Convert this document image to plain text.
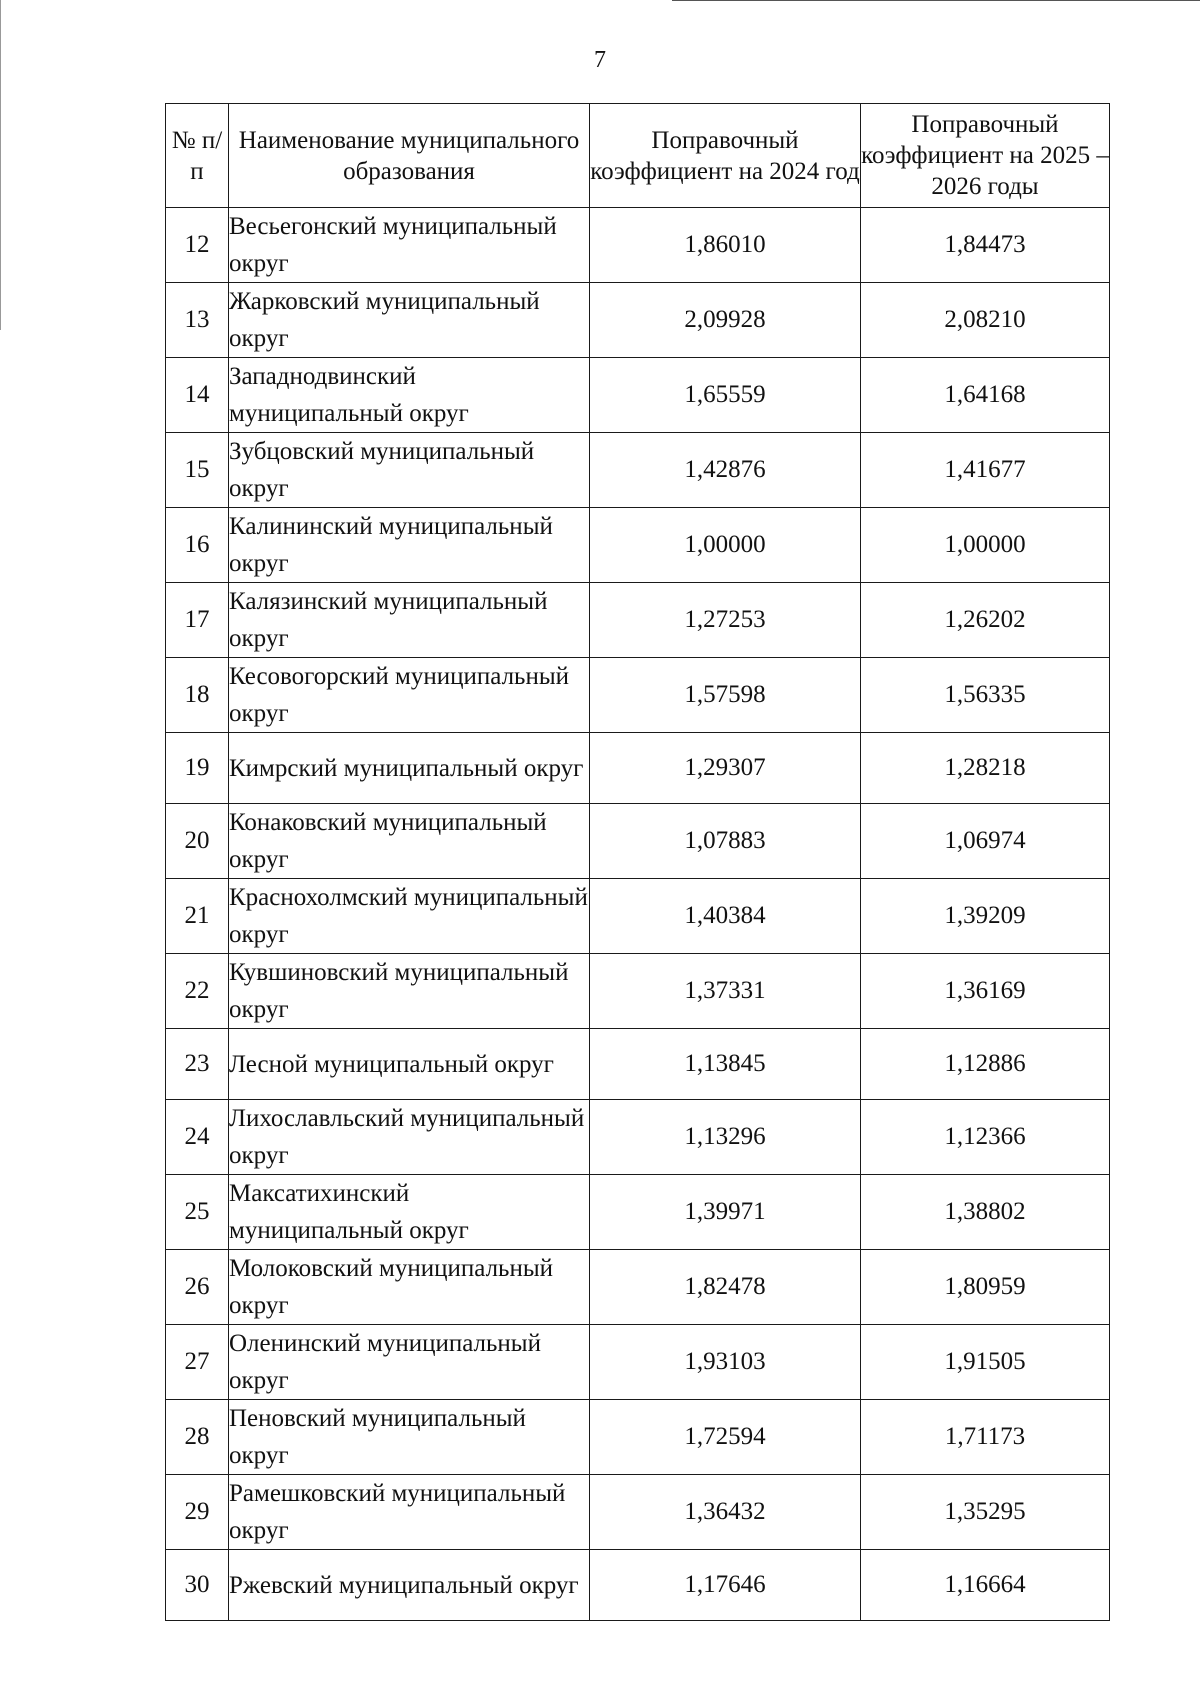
7
№ п/п	Наименование муниципального образования	Поправочный коэффициент на 2024 год	Поправочный коэффициент на 2025 – 2026 годы
12	Весьегонский муниципальный округ	1,86010	1,84473
13	Жарковский муниципальный округ	2,09928	2,08210
14	Западнодвинский муниципальный округ	1,65559	1,64168
15	Зубцовский муниципальный округ	1,42876	1,41677
16	Калининский муниципальный округ	1,00000	1,00000
17	Калязинский муниципальный округ	1,27253	1,26202
18	Кесовогорский муниципальный округ	1,57598	1,56335
19	Кимрский муниципальный округ	1,29307	1,28218
20	Конаковский муниципальный округ	1,07883	1,06974
21	Краснохолмский муниципальный округ	1,40384	1,39209
22	Кувшиновский муниципальный округ	1,37331	1,36169
23	Лесной муниципальный округ	1,13845	1,12886
24	Лихославльский муниципальный округ	1,13296	1,12366
25	Максатихинский муниципальный округ	1,39971	1,38802
26	Молоковский муниципальный округ	1,82478	1,80959
27	Оленинский муниципальный округ	1,93103	1,91505
28	Пеновский муниципальный округ	1,72594	1,71173
29	Рамешковский муниципальный округ	1,36432	1,35295
30	Ржевский муниципальный округ	1,17646	1,16664
